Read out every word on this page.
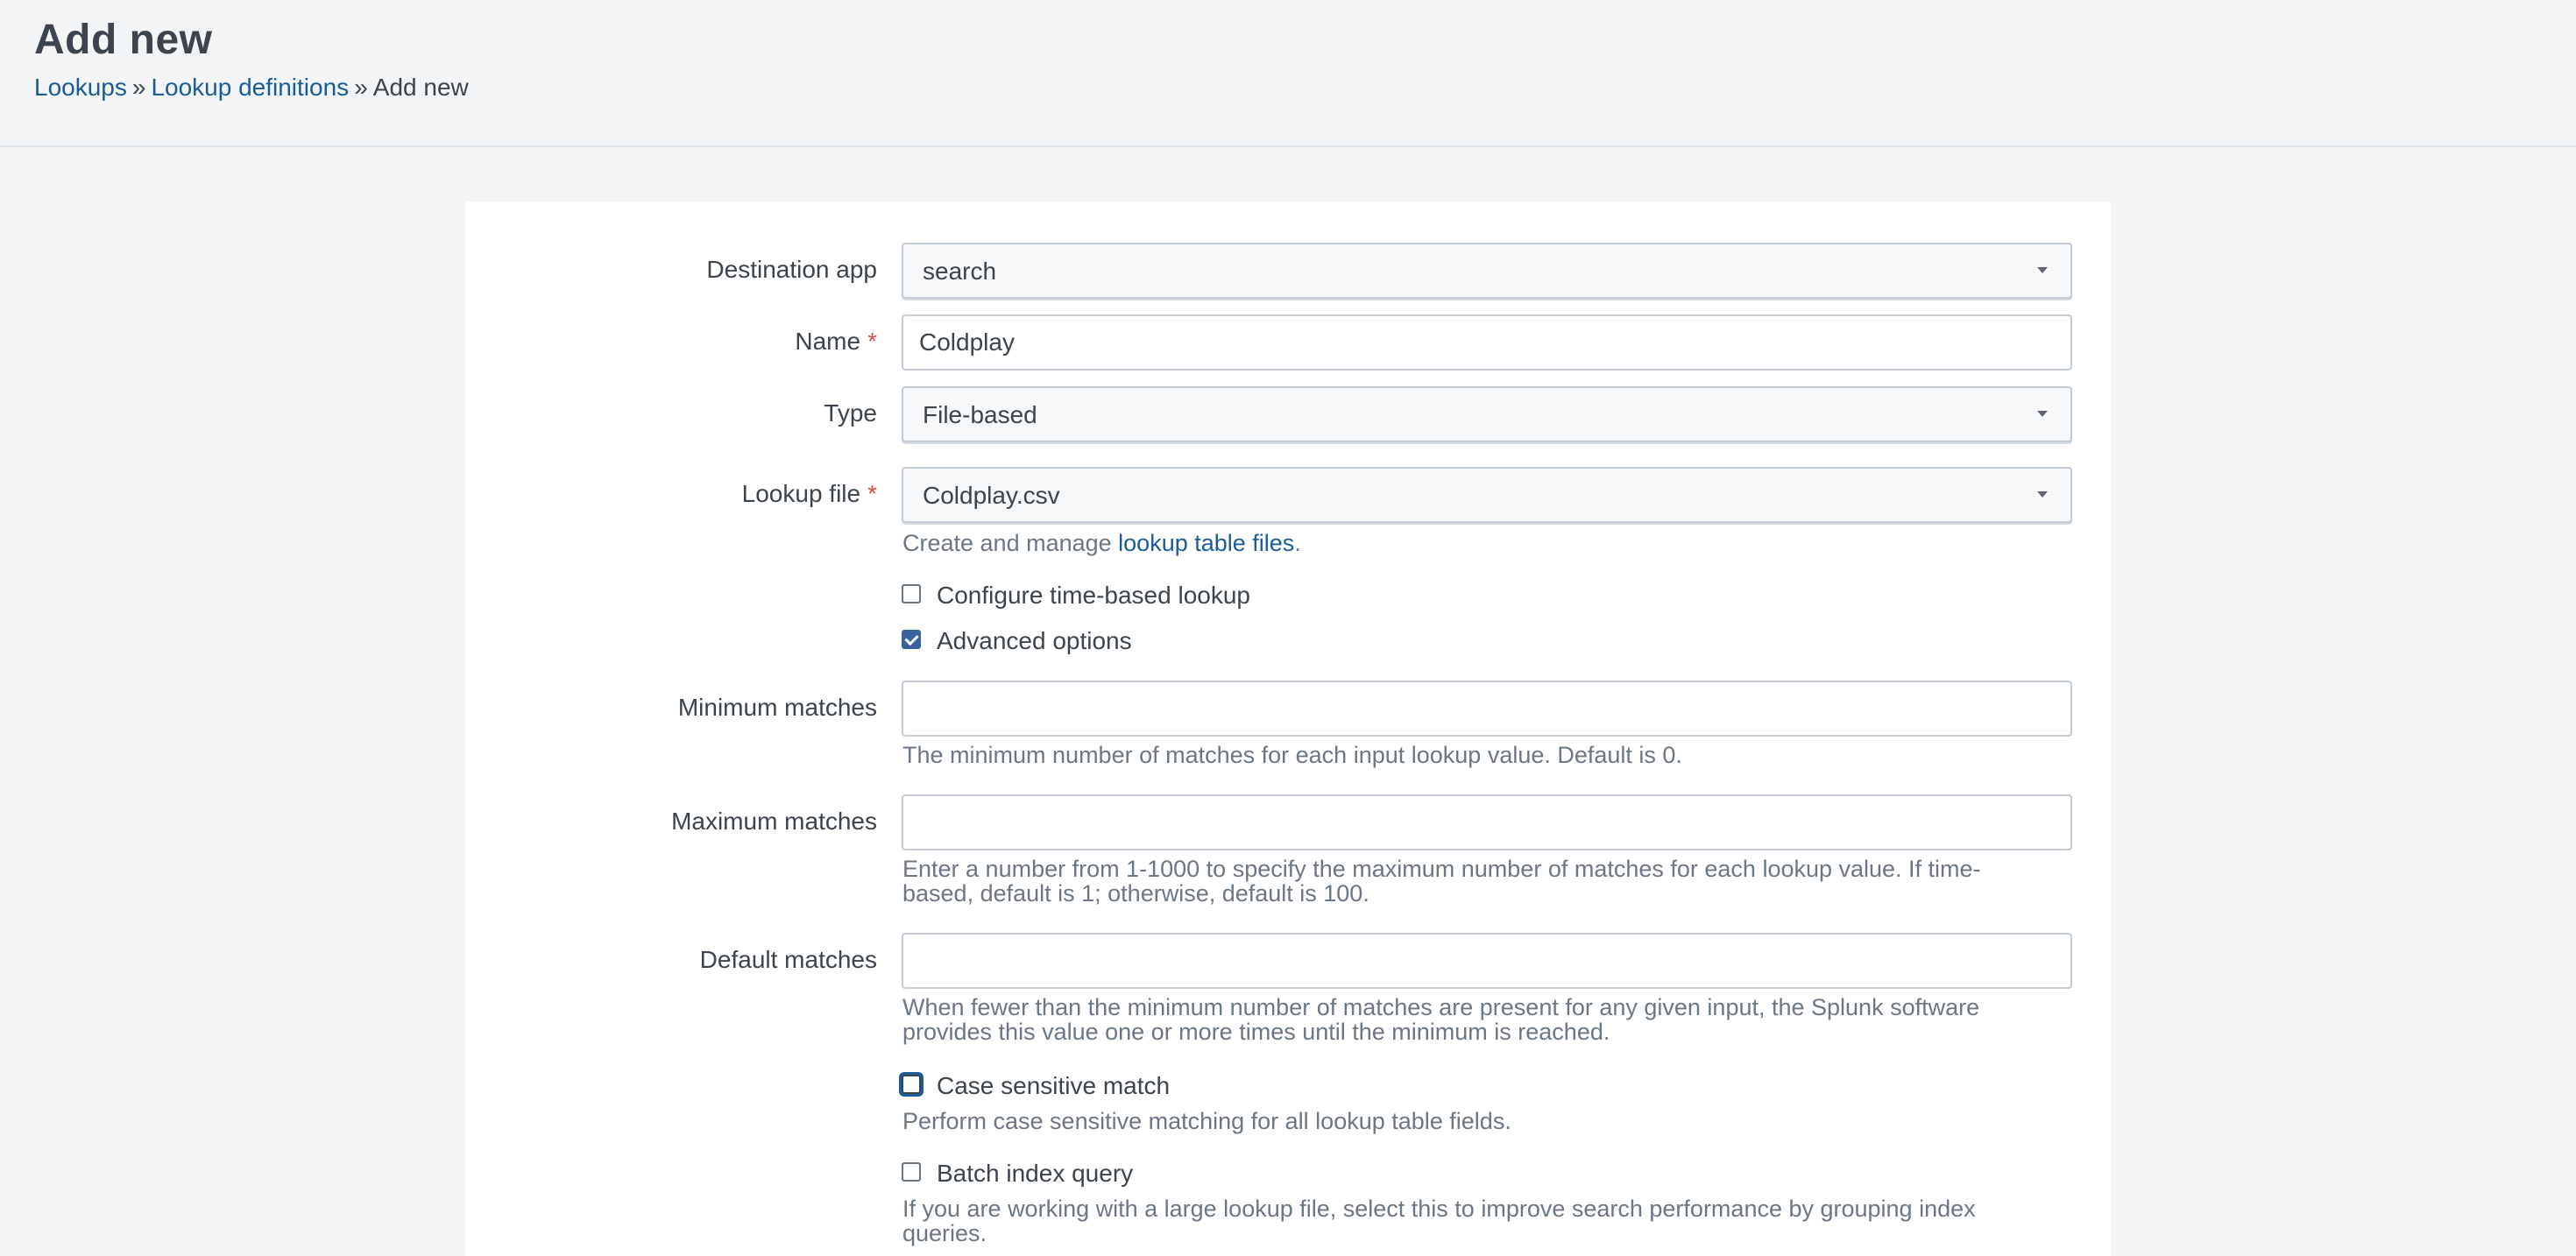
Add new
Lookups » Lookup definitions » Add new
Destination app search
Name *
Coldplay
Type File-based
Lookup file * Coldplay.csv
Create and manage lookup table files.
Configure time-based lookup
Advanced options
Minimum matches
The minimum number of matches for each input lookup value. Default is 0.
Maximum matches
Enter a number from 1-1000 to specify the maximum number of matches for each lookup value. If time-
based, default is 1; otherwise, default is 100.
Default matches
When fewer than the minimum number of matches are present for any given input, the Splunk software
provides this value one or more times until the minimum is reached.
Case sensitive match
Perform case sensitive matching for all lookup table fields.
Batch index query
If you are working with a large lookup file, select this to improve search performance by grouping index
queries.
